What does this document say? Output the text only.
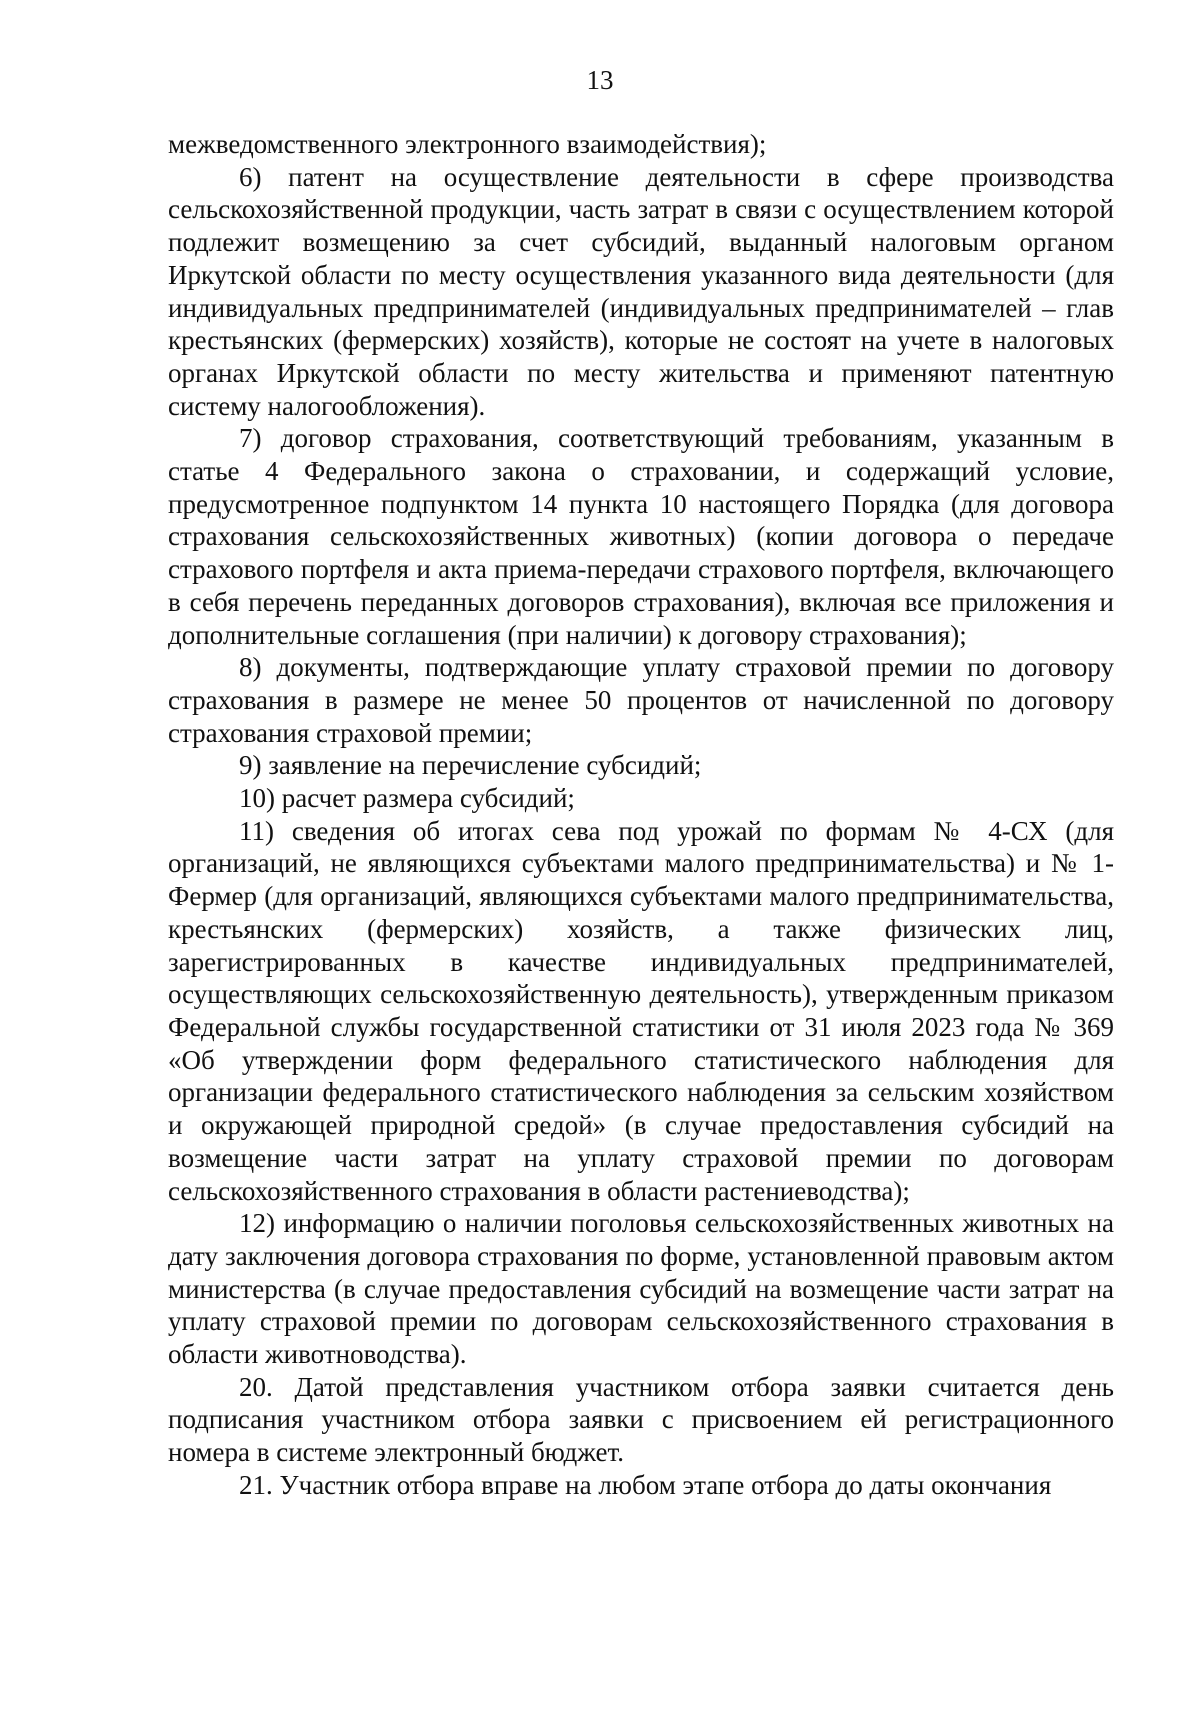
13

межведомственного электронного взаимодействия);

6) патент на осуществление деятельности в сфере производства сельскохозяйственной продукции, часть затрат в связи с осуществлением которой подлежит возмещению за счет субсидий, выданный налоговым органом Иркутской области по месту осуществления указанного вида деятельности (для индивидуальных предпринимателей (индивидуальных предпринимателей – глав крестьянских (фермерских) хозяйств), которые не состоят на учете в налоговых органах Иркутской области по месту жительства и применяют патентную систему налогообложения).

7) договор страхования, соответствующий требованиям, указанным в статье 4 Федерального закона о страховании, и содержащий условие, предусмотренное подпунктом 14 пункта 10 настоящего Порядка (для договора страхования сельскохозяйственных животных) (копии договора о передаче страхового портфеля и акта приема-передачи страхового портфеля, включающего в себя перечень переданных договоров страхования), включая все приложения и дополнительные соглашения (при наличии) к договору страхования);

8) документы, подтверждающие уплату страховой премии по договору страхования в размере не менее 50 процентов от начисленной по договору страхования страховой премии;

9) заявление на перечисление субсидий;

10) расчет размера субсидий;

11) сведения об итогах сева под урожай по формам № 4-СХ (для организаций, не являющихся субъектами малого предпринимательства) и № 1-Фермер (для организаций, являющихся субъектами малого предпринимательства, крестьянских (фермерских) хозяйств, а также физических лиц, зарегистрированных в качестве индивидуальных предпринимателей, осуществляющих сельскохозяйственную деятельность), утвержденным приказом Федеральной службы государственной статистики от 31 июля 2023 года № 369 «Об утверждении форм федерального статистического наблюдения для организации федерального статистического наблюдения за сельским хозяйством и окружающей природной средой» (в случае предоставления субсидий на возмещение части затрат на уплату страховой премии по договорам сельскохозяйственного страхования в области растениеводства);

12) информацию о наличии поголовья сельскохозяйственных животных на дату заключения договора страхования по форме, установленной правовым актом министерства (в случае предоставления субсидий на возмещение части затрат на уплату страховой премии по договорам сельскохозяйственного страхования в области животноводства).

20. Датой представления участником отбора заявки считается день подписания участником отбора заявки с присвоением ей регистрационного номера в системе электронный бюджет.

21. Участник отбора вправе на любом этапе отбора до даты окончания
